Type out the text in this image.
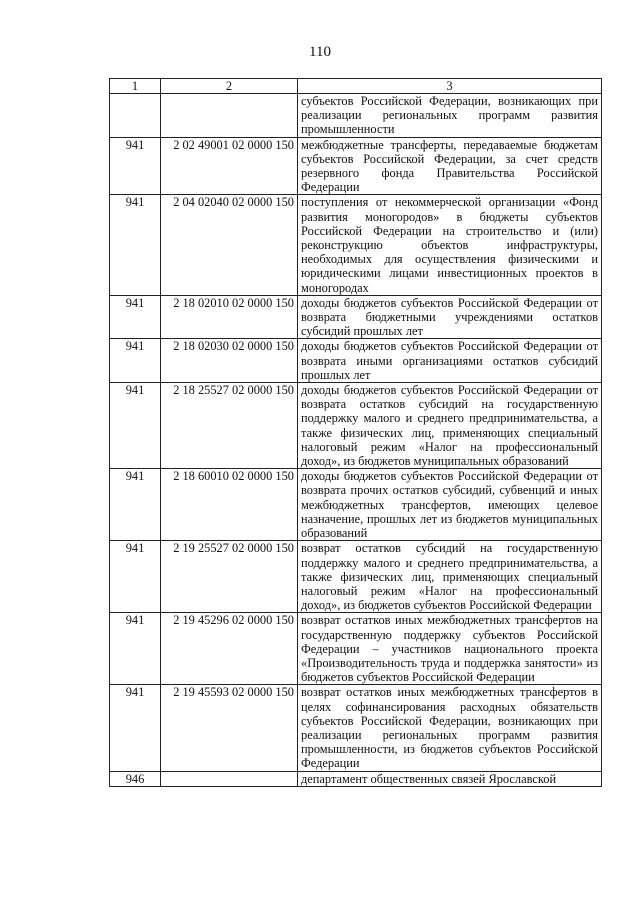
110
1	2	3
		субъектов Российской Федерации, возникающих при реализации региональных программ развития промышленности
941	2 02 49001 02 0000 150	межбюджетные трансферты, передаваемые бюджетам субъектов Российской Федерации, за счет средств резервного фонда Правительства Российской Федерации
941	2 04 02040 02 0000 150	поступления от некоммерческой организации «Фонд развития моногородов» в бюджеты субъектов Российской Федерации на строительство и (или) реконструкцию объектов инфраструктуры, необходимых для осуществления физическими и юридическими лицами инвестиционных проектов в моногородах
941	2 18 02010 02 0000 150	доходы бюджетов субъектов Российской Федерации от возврата бюджетными учреждениями остатков субсидий прошлых лет
941	2 18 02030 02 0000 150	доходы бюджетов субъектов Российской Федерации от возврата иными организациями остатков субсидий прошлых лет
941	2 18 25527 02 0000 150	доходы бюджетов субъектов Российской Федерации от возврата остатков субсидий на государственную поддержку малого и среднего предпринимательства, а также физических лиц, применяющих специальный налоговый режим «Налог на профессиональный доход», из бюджетов муниципальных образований
941	2 18 60010 02 0000 150	доходы бюджетов субъектов Российской Федерации от возврата прочих остатков субсидий, субвенций и иных межбюджетных трансфертов, имеющих целевое назначение, прошлых лет из бюджетов муниципальных образований
941	2 19 25527 02 0000 150	возврат остатков субсидий на государственную поддержку малого и среднего предпринимательства, а также физических лиц, применяющих специальный налоговый режим «Налог на профессиональный доход», из бюджетов субъектов Российской Федерации
941	2 19 45296 02 0000 150	возврат остатков иных межбюджетных трансфертов на государственную поддержку субъектов Российской Федерации – участников национального проекта «Производительность труда и поддержка занятости» из бюджетов субъектов Российской Федерации
941	2 19 45593 02 0000 150	возврат остатков иных межбюджетных трансфертов в целях софинансирования расходных обязательств субъектов Российской Федерации, возникающих при реализации региональных программ развития промышленности, из бюджетов субъектов Российской Федерации
946		департамент общественных связей Ярославской
